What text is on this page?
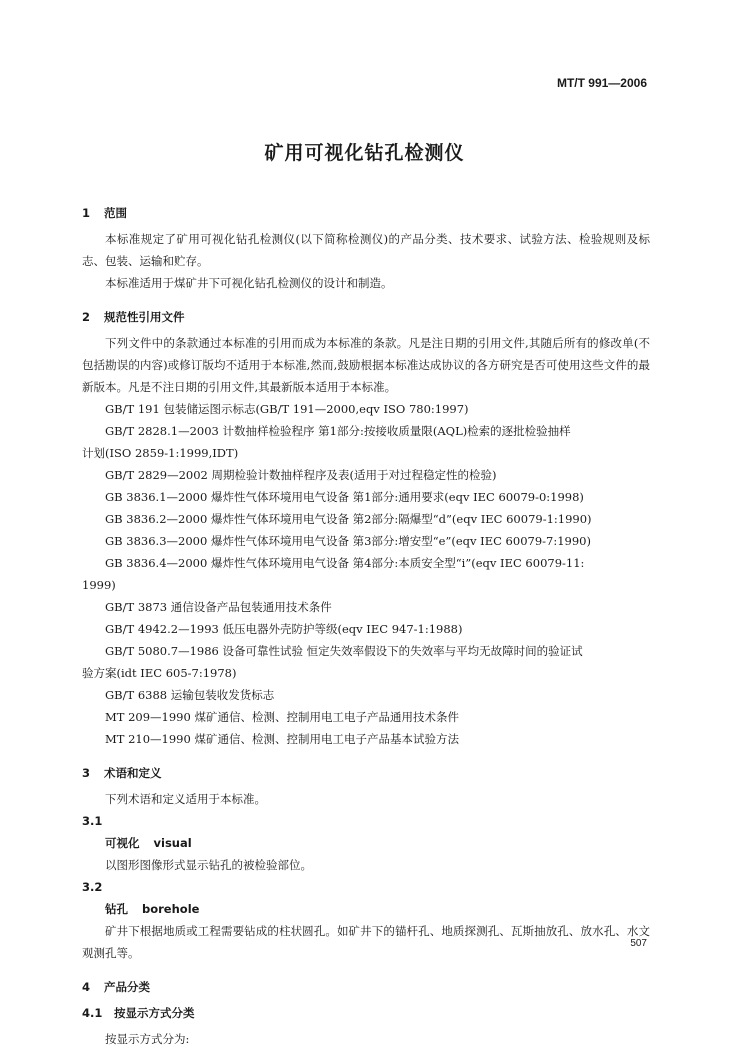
MT/T 991—2006
矿用可视化钻孔检测仪
1 范围

本标准规定了矿用可视化钻孔检测仪(以下简称检测仪)的产品分类、技术要求、试验方法、检验规则及标志、包装、运输和贮存。

本标准适用于煤矿井下可视化钻孔检测仪的设计和制造。

2 规范性引用文件

下列文件中的条款通过本标准的引用而成为本标准的条款。凡是注日期的引用文件,其随后所有的修改单(不包括勘误的内容)或修订版均不适用于本标准,然而,鼓励根据本标准达成协议的各方研究是否可使用这些文件的最新版本。凡是不注日期的引用文件,其最新版本适用于本标准。

GB/T 191 包装储运图示标志(GB/T 191—2000,eqv ISO 780:1997)

GB/T 2828.1—2003 计数抽样检验程序 第1部分:按接收质量限(AQL)检索的逐批检验抽样

计划(ISO 2859-1:1999,IDT)

GB/T 2829—2002 周期检验计数抽样程序及表(适用于对过程稳定性的检验)

GB 3836.1—2000 爆炸性气体环境用电气设备 第1部分:通用要求(eqv IEC 60079-0:1998)

GB 3836.2—2000 爆炸性气体环境用电气设备 第2部分:隔爆型“d”(eqv IEC 60079-1:1990)

GB 3836.3—2000 爆炸性气体环境用电气设备 第3部分:增安型“e”(eqv IEC 60079-7:1990)

GB 3836.4—2000 爆炸性气体环境用电气设备 第4部分:本质安全型“i”(eqv IEC 60079-11:

1999)

GB/T 3873 通信设备产品包装通用技术条件

GB/T 4942.2—1993 低压电器外壳防护等级(eqv IEC 947-1:1988)

GB/T 5080.7—1986 设备可靠性试验 恒定失效率假设下的失效率与平均无故障时间的验证试

验方案(idt IEC 605-7:1978)

GB/T 6388 运输包装收发货标志

MT 209—1990 煤矿通信、检测、控制用电工电子产品通用技术条件

MT 210—1990 煤矿通信、检测、控制用电工电子产品基本试验方法

3 术语和定义

下列术语和定义适用于本标准。

3.1

可视化 visual

以图形图像形式显示钻孔的被检验部位。

3.2

钻孔 borehole

矿井下根据地质或工程需要钻成的柱状圆孔。如矿井下的锚杆孔、地质探测孔、瓦斯抽放孔、放水孔、水文观测孔等。

4 产品分类
4.1 按显示方式分类

按显示方式分为:

507
